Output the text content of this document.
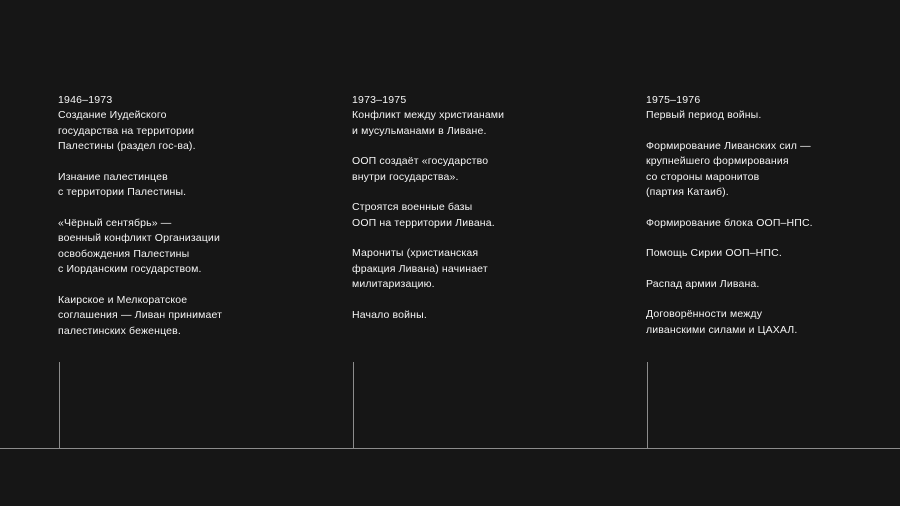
1946–1973

Создание Иудейского
государства на территории
Палестины (раздел гос-ва).

Изнание палестинцев
с территории Палестины.

«Чёрный сентябрь» —
военный конфликт Организации
освобождения Палестины
с Иорданским государством.

Каирское и Мелкоратское
соглашения — Ливан принимает
палестинских беженцев.

1973–1975

Конфликт между христианами
и мусульманами в Ливане.

ООП создаёт «государство
внутри государства».

Строятся военные базы
ООП на территории Ливана.

Марониты (христианская
фракция Ливана) начинает
милитаризацию.

Начало войны.

1975–1976

Первый период войны.

Формирование Ливанских сил —
крупнейшего формирования
со стороны маронитов
(партия Катаиб).

Формирование блока ООП–НПС.

Помощь Сирии ООП–НПС.

Распад армии Ливана.

Договорённости между
ливанскими силами и ЦАХАЛ.
